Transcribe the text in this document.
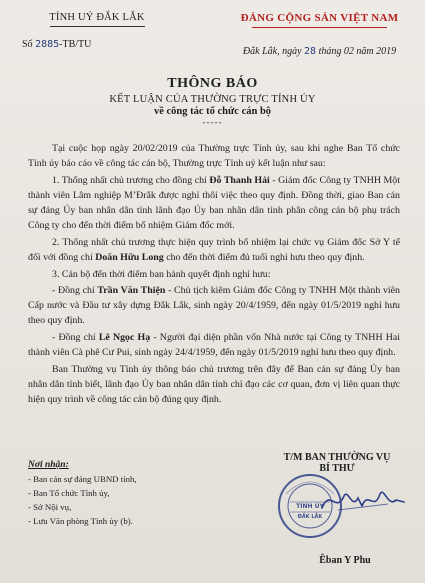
TỈNH UỶ ĐẮK LẮK
Số 2885-TB/TU
ĐẢNG CỘNG SẢN VIỆT NAM
Đắk Lắk, ngày 28 tháng 02 năm 2019
THÔNG BÁO
KẾT LUẬN CỦA THƯỜNG TRỰC TỈNH ỦY
về công tác tổ chức cán bộ
-----

Tại cuộc họp ngày 20/02/2019 của Thường trực Tỉnh ủy, sau khi nghe Ban Tổ chức Tỉnh ủy báo cáo về công tác cán bộ, Thường trực Tỉnh uỷ kết luận như sau:

1. Thống nhất chủ trương cho đồng chí Đỗ Thanh Hải - Giám đốc Công ty TNHH Một thành viên Lâm nghiệp M’Đrắk được nghỉ thôi việc theo quy định. Đồng thời, giao Ban cán sự đảng Ủy ban nhân dân tỉnh lãnh đạo Ủy ban nhân dân tỉnh phân công cán bộ phụ trách Công ty cho đến thời điểm bổ nhiệm Giám đốc mới.

2. Thống nhất chủ trương thực hiện quy trình bổ nhiệm lại chức vụ Giám đốc Sở Y tế đối với đồng chí Doãn Hữu Long cho đến thời điểm đủ tuổi nghỉ hưu theo quy định.

3. Cán bộ đến thời điểm ban hành quyết định nghỉ hưu:

- Đồng chí Trần Văn Thiện - Chủ tịch kiêm Giám đốc Công ty TNHH Một thành viên Cấp nước và Đầu tư xây dựng Đắk Lắk, sinh ngày 20/4/1959, đến ngày 01/5/2019 nghỉ hưu theo quy định.

- Đồng chí Lê Ngọc Hạ - Người đại diện phần vốn Nhà nước tại Công ty TNHH Hai thành viên Cà phê Cư Pui, sinh ngày 24/4/1959, đến ngày 01/5/2019 nghỉ hưu theo quy định.

Ban Thường vụ Tỉnh ủy thông báo chủ trương trên đây để Ban cán sự đảng Ủy ban nhân dân tỉnh biết, lãnh đạo Ủy ban nhân dân tỉnh chỉ đạo các cơ quan, đơn vị liên quan thực hiện quy trình về công tác cán bộ đúng quy định.

Nơi nhận:
- Ban cán sự đảng UBND tỉnh,
- Ban Tổ chức Tỉnh ủy,
- Sở Nội vụ,
- Lưu Văn phòng Tỉnh ủy (b).
T/M BAN THƯỜNG VỤ
BÍ THƯ
TỈNH ỦY
ĐẮK LẮK
Êban Y Phu
